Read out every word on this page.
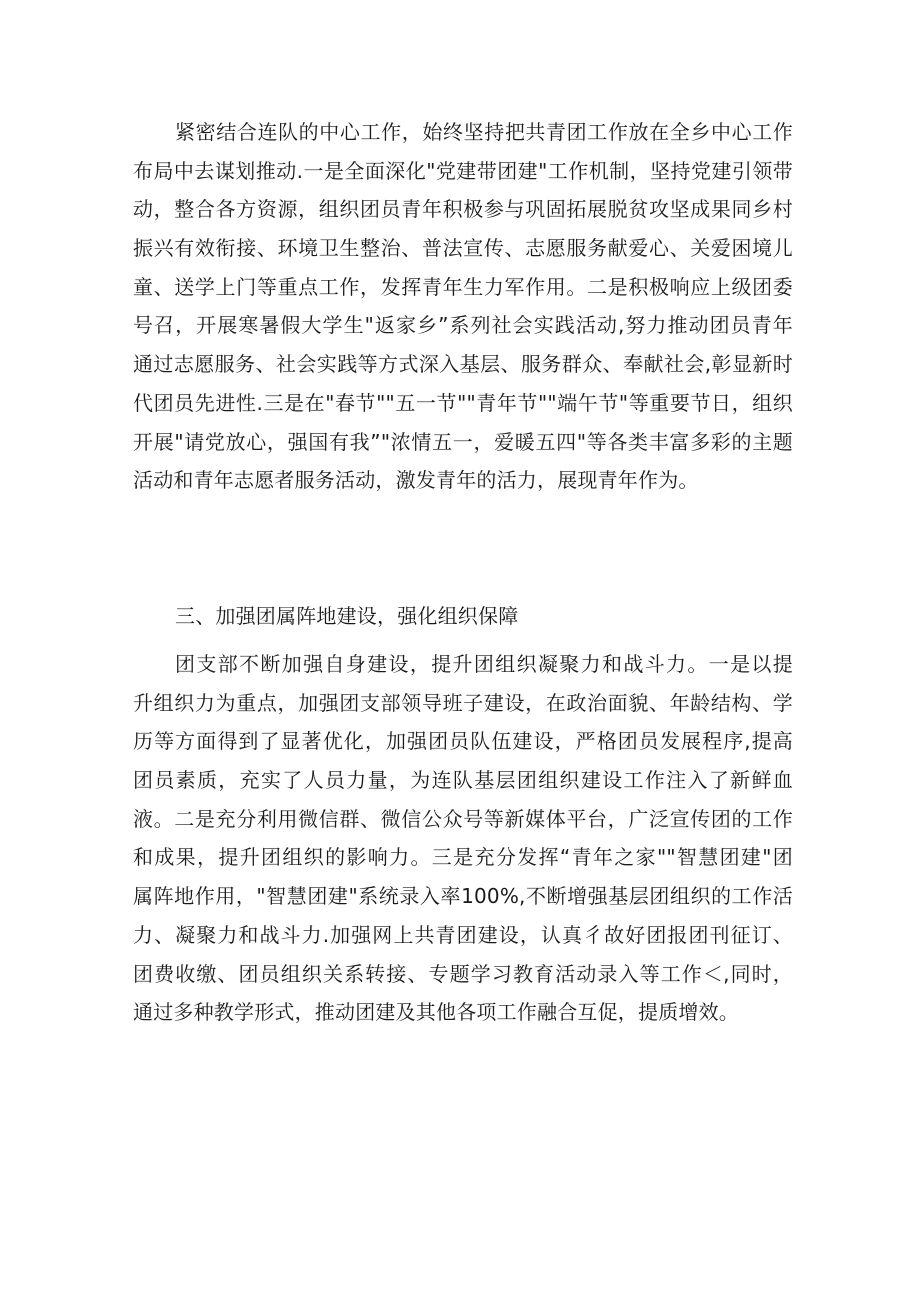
紧密结合连队的中心工作，始终坚持把共青团工作放在全乡中心工作
布局中去谋划推动.一是全面深化"党建带团建"工作机制，坚持党建引领带
动，整合各方资源，组织团员青年积极参与巩固拓展脱贫攻坚成果同乡村
振兴有效衔接、环境卫生整治、普法宣传、志愿服务献爱心、关爱困境儿
童、送学上门等重点工作，发挥青年生力军作用。二是积极响应上级团委
号召，开展寒暑假大学生"返家乡”系列社会实践活动,努力推动团员青年
通过志愿服务、社会实践等方式深入基层、服务群众、奉献社会,彰显新时
代团员先进性.三是在"春节""五一节""青年节""端午节"等重要节日，组织
开展"请党放心，强国有我”"浓情五一，爱暖五四"等各类丰富多彩的主题
活动和青年志愿者服务活动，激发青年的活力，展现青年作为。
三、加强团属阵地建设，强化组织保障
团支部不断加强自身建设，提升团组织凝聚力和战斗力。一是以提
升组织力为重点，加强团支部领导班子建设，在政治面貌、年龄结构、学
历等方面得到了显著优化，加强团员队伍建设，严格团员发展程序,提高
团员素质，充实了人员力量，为连队基层团组织建设工作注入了新鲜血
液。二是充分利用微信群、微信公众号等新媒体平台，广泛宣传团的工作
和成果，提升团组织的影响力。三是充分发挥“青年之家""智慧团建"团
属阵地作用，"智慧团建"系统录入率100%,不断增强基层团组织的工作活
力、凝聚力和战斗力.加强网上共青团建设，认真彳故好团报团刊征订、
团费收缴、团员组织关系转接、专题学习教育活动录入等工作＜,同时，
通过多种教学形式，推动团建及其他各项工作融合互促，提质增效。
